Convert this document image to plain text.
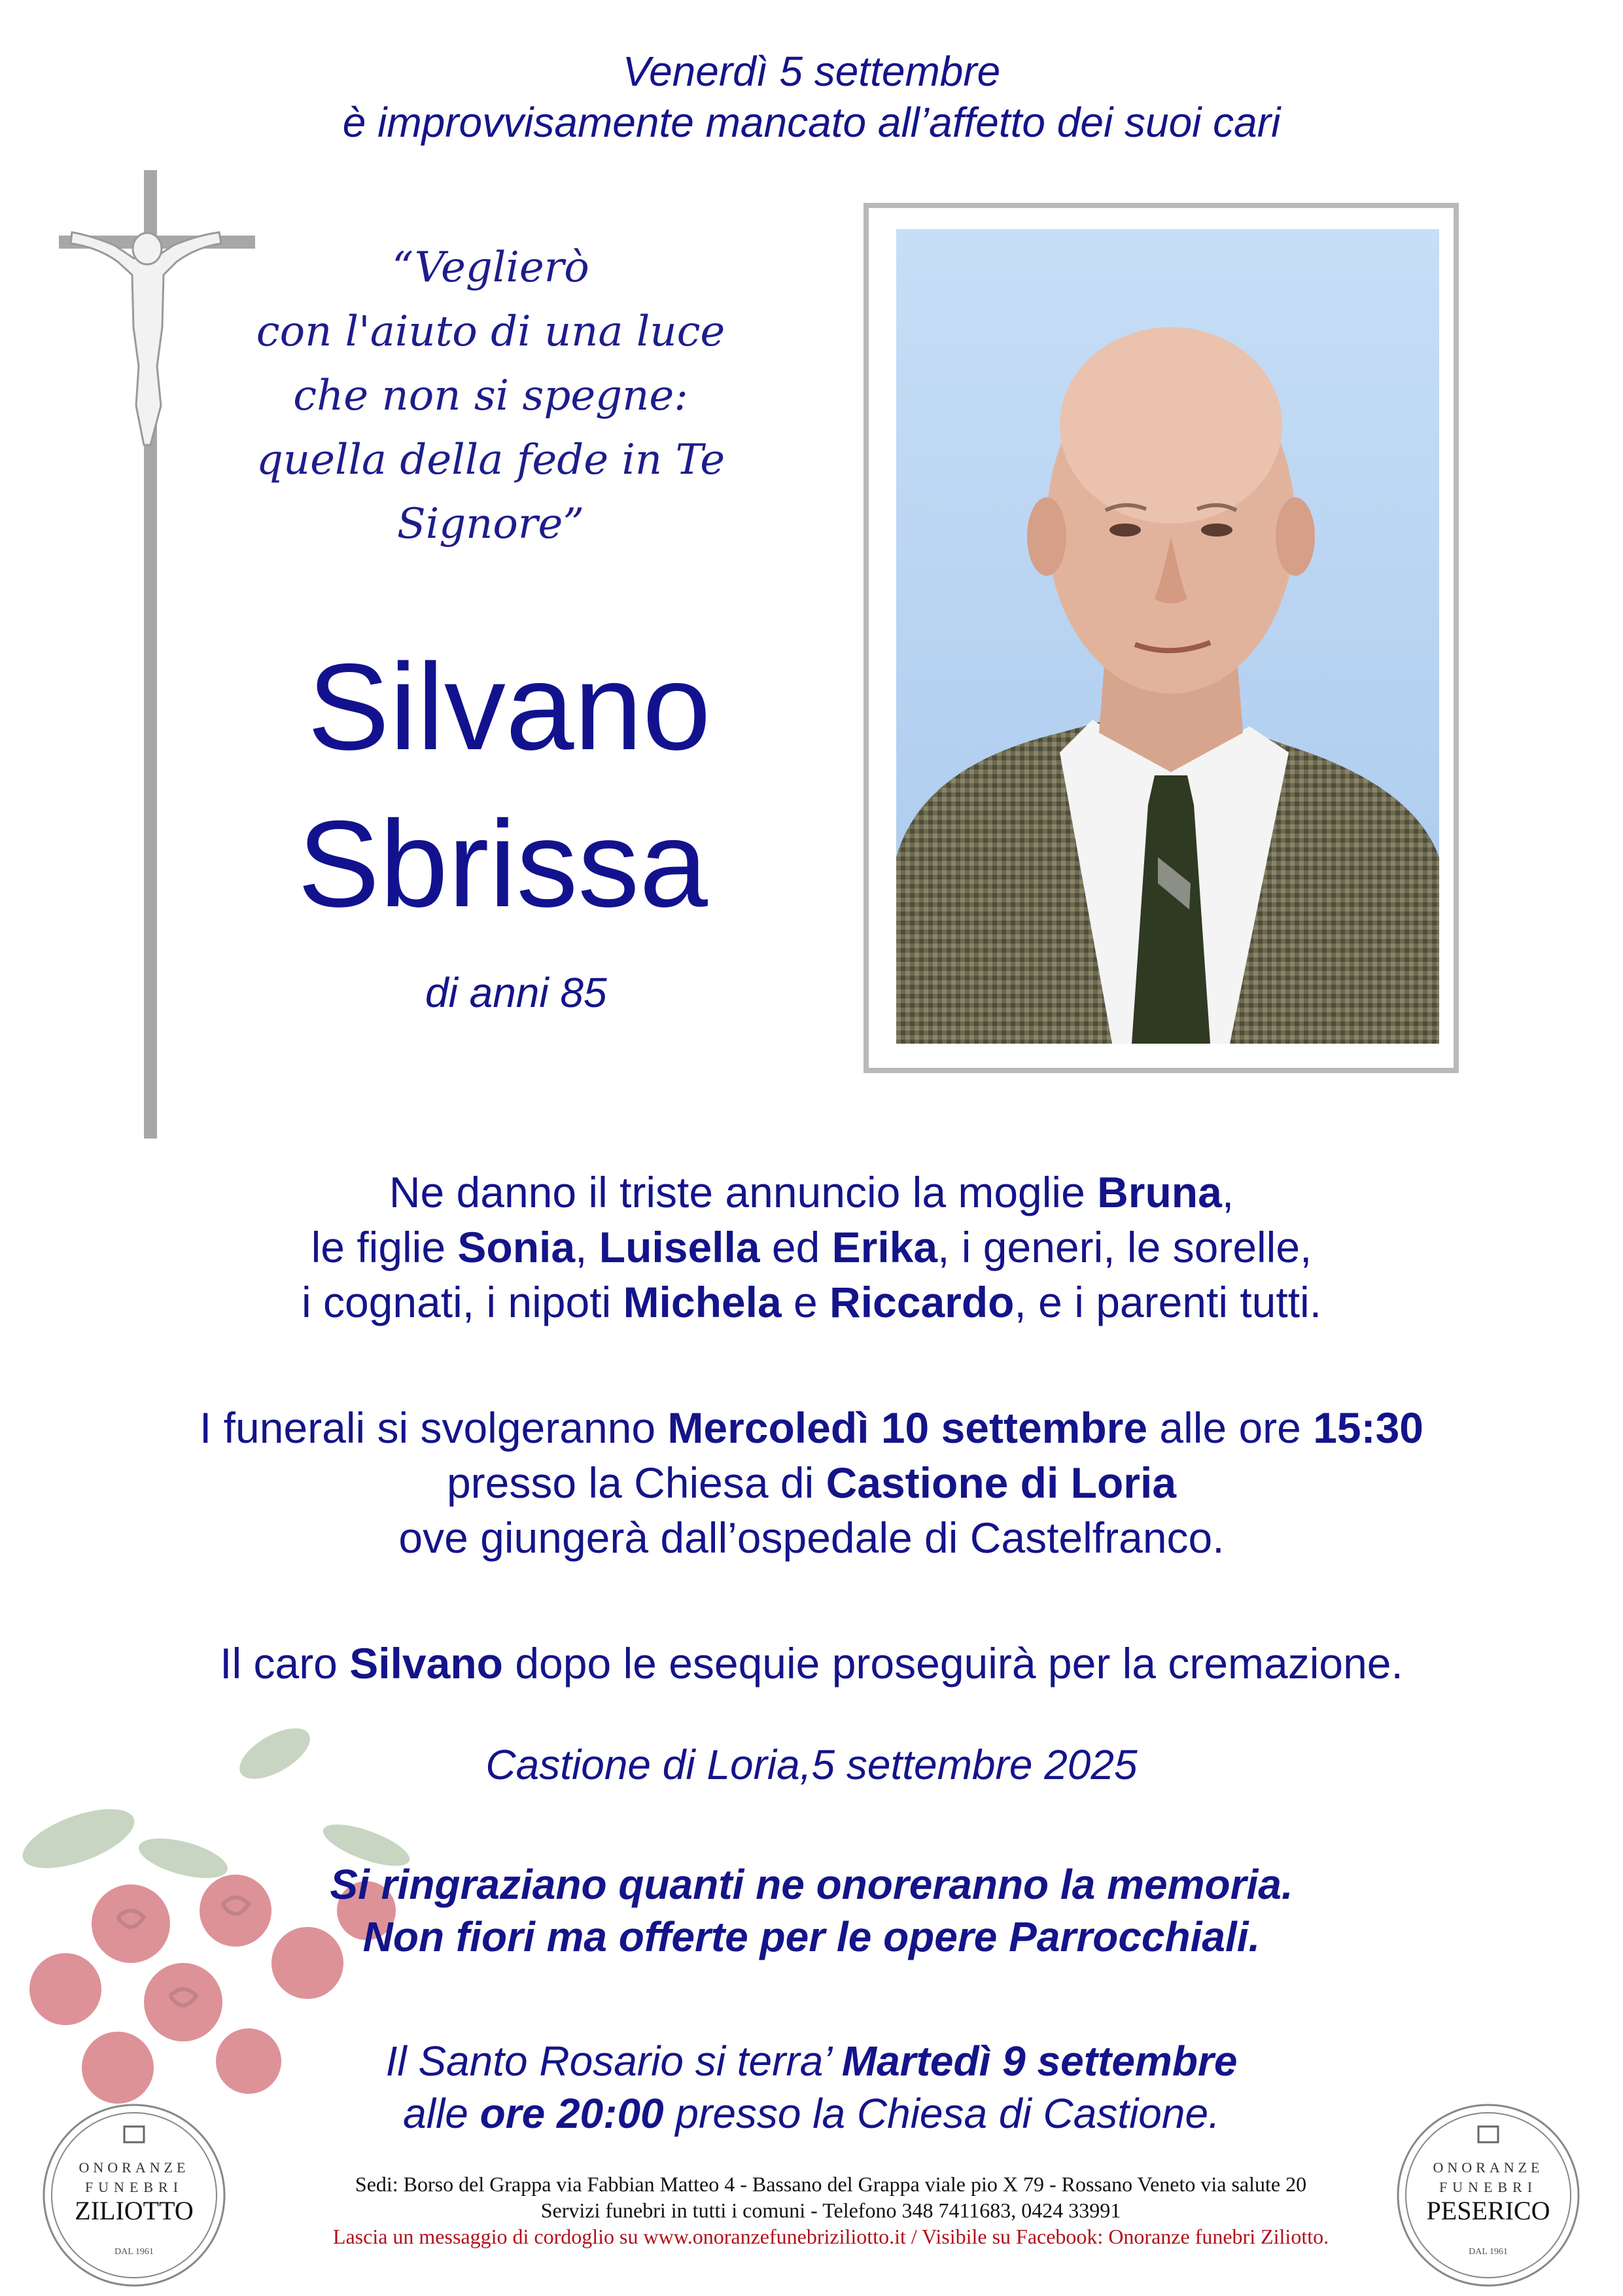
Venerdì 5 settembre
è improvvisamente mancato all’affetto dei suoi cari
“Veglierò
con l'aiuto di una luce
che non si spegne:
quella della fede in Te
Signore”
Silvano
Sbrissa
di anni 85
Ne danno il triste annuncio la moglie Bruna,
le figlie Sonia, Luisella ed Erika, i generi, le sorelle,
i cognati, i nipoti Michela e Riccardo, e i parenti tutti.
I funerali si svolgeranno Mercoledì 10 settembre alle ore 15:30
presso la Chiesa di Castione di Loria
ove giungerà dall’ospedale di Castelfranco.
Il caro Silvano dopo le esequie proseguirà per la cremazione.
Castione di Loria,5 settembre 2025
Si ringraziano quanti ne onoreranno la memoria.
Non fiori ma offerte per le opere Parrocchiali.
Il Santo Rosario si terra’ Martedì 9 settembre
alle ore 20:00 presso la Chiesa di Castione.
ONORANZE
FUNEBRI
ZILIOTTO
DAL 1961
ONORANZE
FUNEBRI
PESERICO
DAL 1961
Sedi: Borso del Grappa via Fabbian Matteo 4 - Bassano del Grappa viale pio X 79 - Rossano Veneto via salute 20
Servizi funebri in tutti i comuni - Telefono 348 7411683, 0424 33991
Lascia un messaggio di cordoglio su www.onoranzefunebriziliotto.it / Visibile su Facebook: Onoranze funebri Ziliotto.
